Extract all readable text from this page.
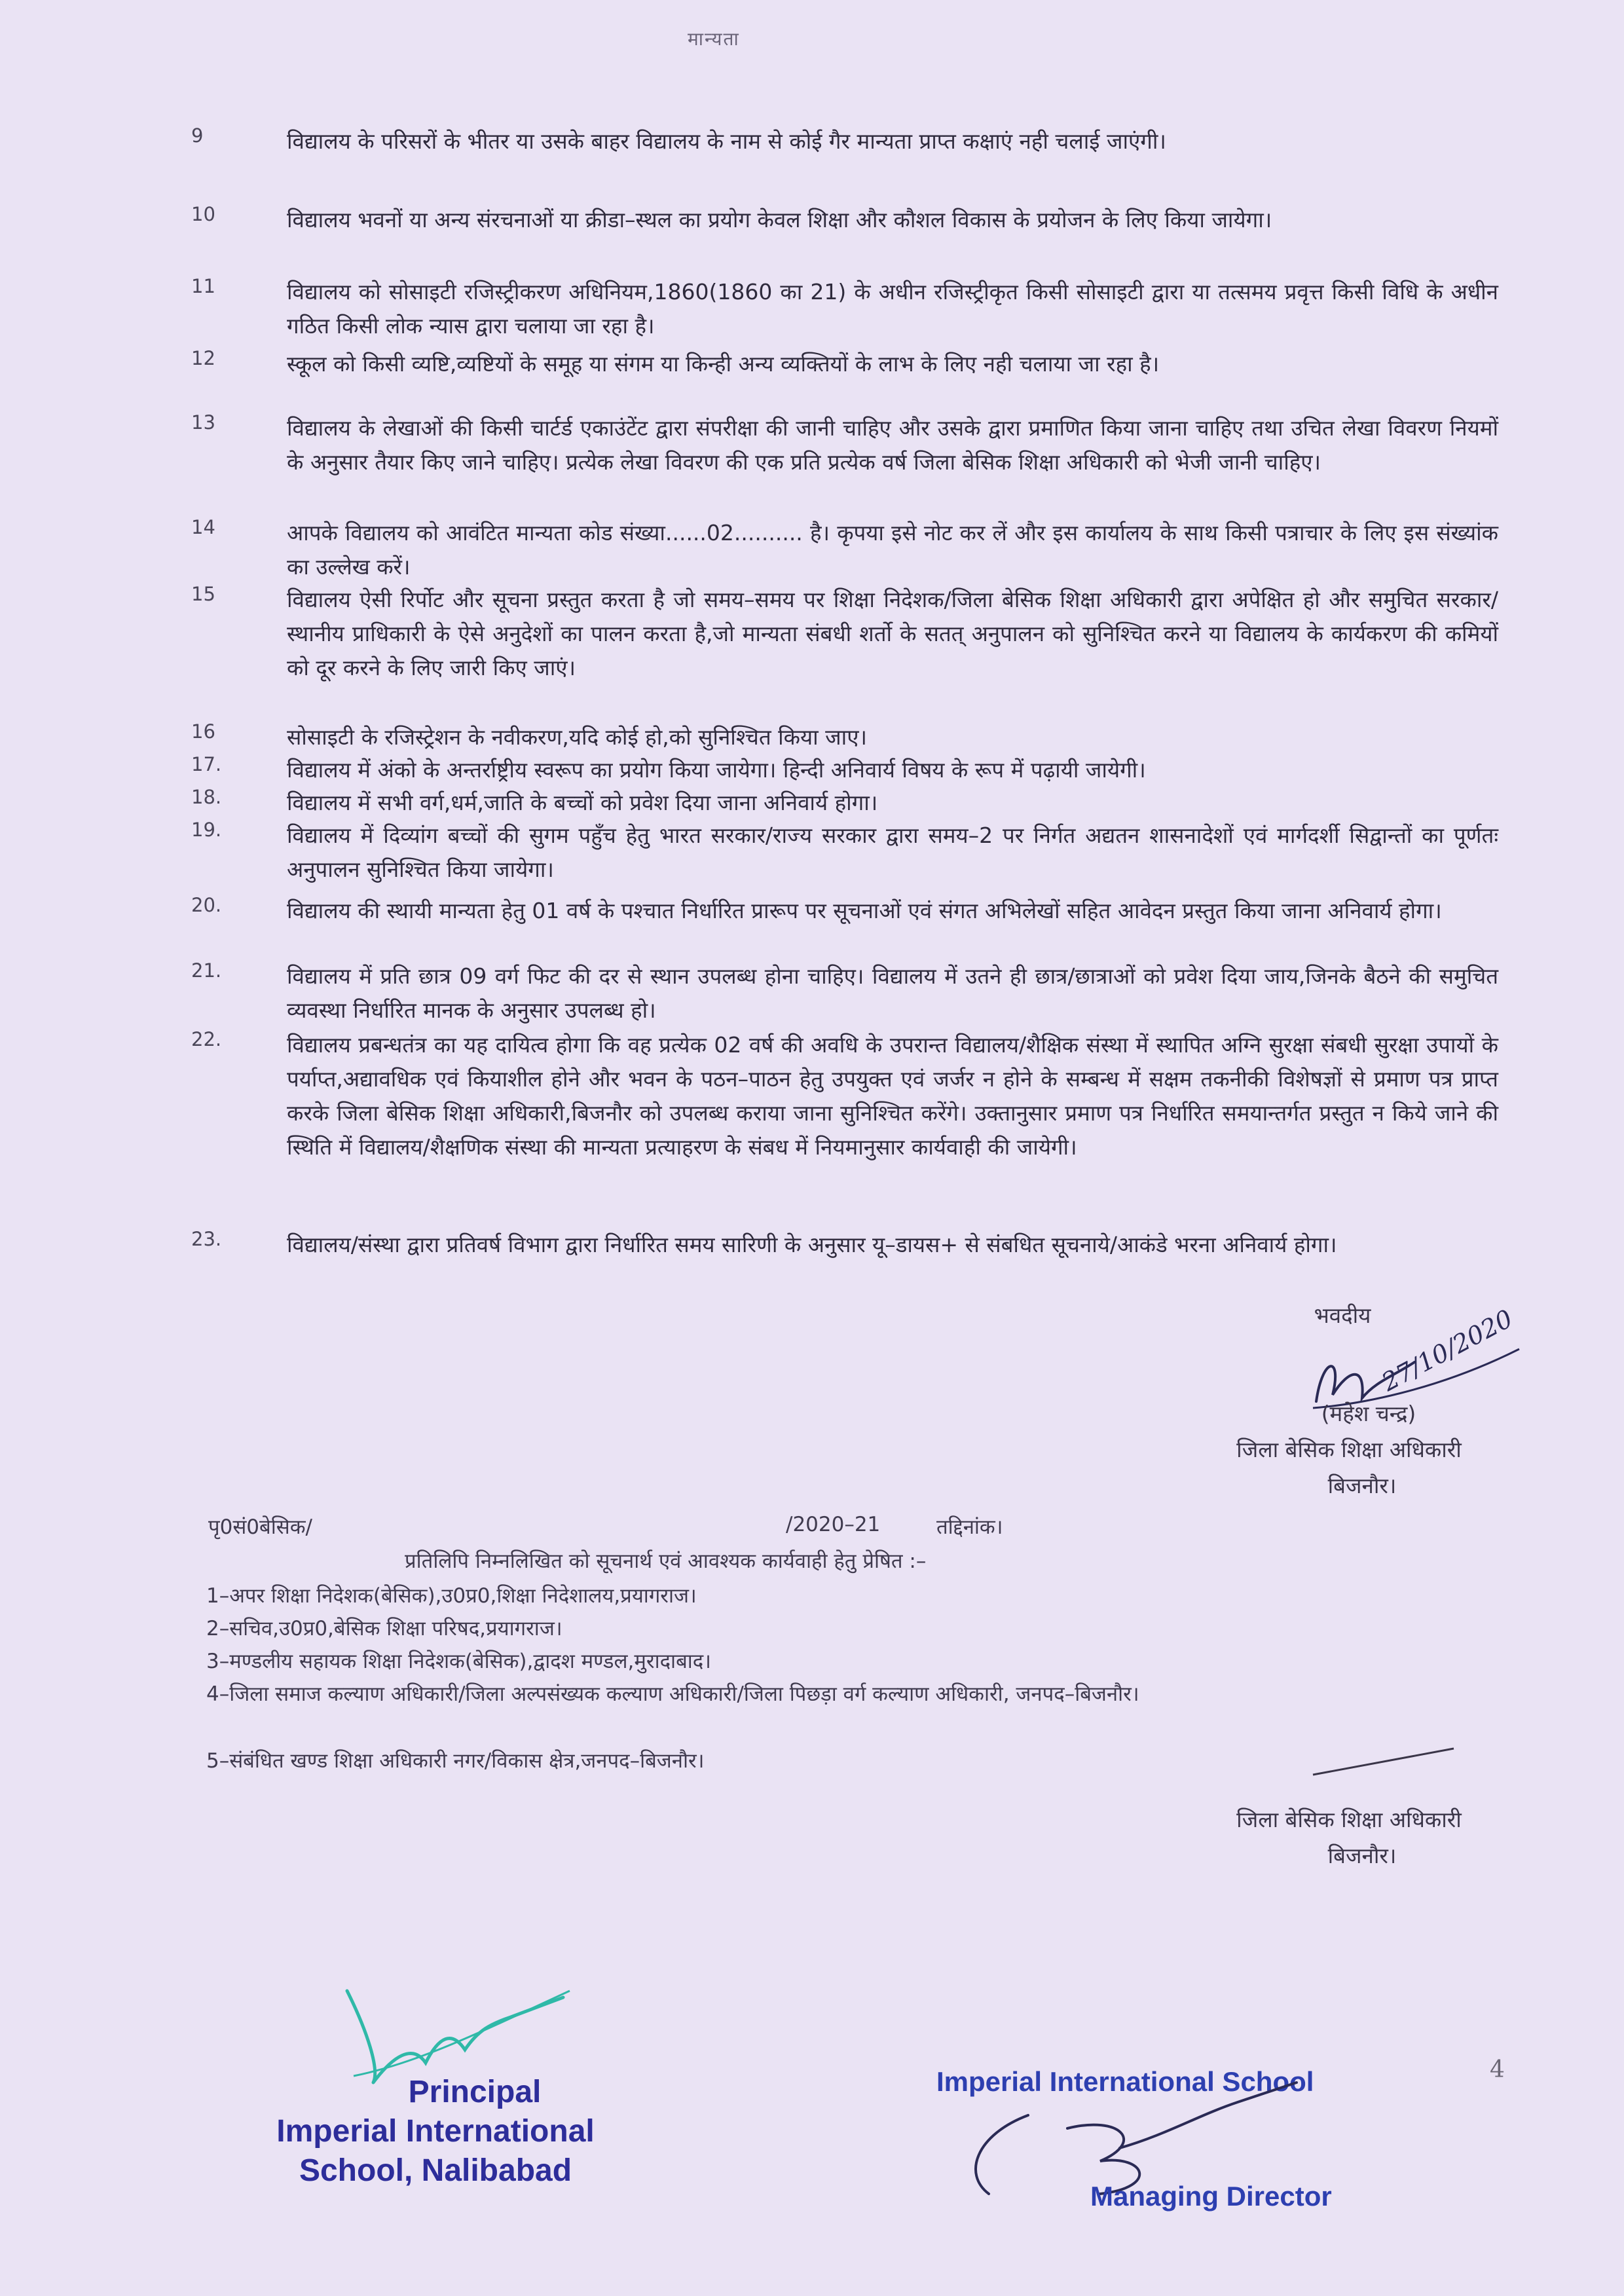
मान्यता
9	विद्यालय के परिसरों के भीतर या उसके बाहर विद्यालय के नाम से कोई गैर मान्यता प्राप्त कक्षाएं नही चलाई जाएंगी।
10	विद्यालय भवनों या अन्य संरचनाओं या क्रीडा–स्थल का प्रयोग केवल शिक्षा और कौशल विकास के प्रयोजन के लिए किया जायेगा।
11	विद्यालय को सोसाइटी रजिस्ट्रीकरण अधिनियम,1860(1860 का 21) के अधीन रजिस्ट्रीकृत किसी सोसाइटी द्वारा या तत्समय प्रवृत्त किसी विधि के अधीन गठित किसी लोक न्यास द्वारा चलाया जा रहा है।
12	स्कूल को किसी व्यष्टि,व्यष्टियों के समूह या संगम या किन्ही अन्य व्यक्तियों के लाभ के लिए नही चलाया जा रहा है।
13	विद्यालय के लेखाओं की किसी चार्टर्ड एकाउंटेंट द्वारा संपरीक्षा की जानी चाहिए और उसके द्वारा प्रमाणित किया जाना चाहिए तथा उचित लेखा विवरण नियमों के अनुसार तैयार किए जाने चाहिए। प्रत्येक लेखा विवरण की एक प्रति प्रत्येक वर्ष जिला बेसिक शिक्षा अधिकारी को भेजी जानी चाहिए।
14	आपके विद्यालय को आवंटित मान्यता कोड संख्या......02.......... है। कृपया इसे नोट कर लें और इस कार्यालय के साथ किसी पत्राचार के लिए इस संख्यांक का उल्लेख करें।
15	विद्यालय ऐसी रिर्पोट और सूचना प्रस्तुत करता है जो समय–समय पर शिक्षा निदेशक/जिला बेसिक शिक्षा अधिकारी द्वारा अपेक्षित हो और समुचित सरकार/स्थानीय प्राधिकारी के ऐसे अनुदेशों का पालन करता है,जो मान्यता संबधी शर्तो के सतत् अनुपालन को सुनिश्चित करने या विद्यालय के कार्यकरण की कमियों को दूर करने के लिए जारी किए जाएं।
16	सोसाइटी के रजिस्ट्रेशन के नवीकरण,यदि कोई हो,को सुनिश्चित किया जाए।
17.	विद्यालय में अंको के अन्तर्राष्ट्रीय स्वरूप का प्रयोग किया जायेगा। हिन्दी अनिवार्य विषय के रूप में पढ़ायी जायेगी।
18.	विद्यालय में सभी वर्ग,धर्म,जाति के बच्चों को प्रवेश दिया जाना अनिवार्य होगा।
19.	विद्यालय में दिव्यांग बच्चों की सुगम पहुँच हेतु भारत सरकार/राज्य सरकार द्वारा समय–2 पर निर्गत अद्यतन शासनादेशों एवं मार्गदर्शी सिद्वान्तों का पूर्णतः अनुपालन सुनिश्चित किया जायेगा।
20.	विद्यालय की स्थायी मान्यता हेतु 01 वर्ष के पश्चात निर्धारित प्रारूप पर सूचनाओं एवं संगत अभिलेखों सहित आवेदन प्रस्तुत किया जाना अनिवार्य होगा।
21.	विद्यालय में प्रति छात्र 09 वर्ग फिट की दर से स्थान उपलब्ध होना चाहिए। विद्यालय में उतने ही छात्र/छात्राओं को प्रवेश दिया जाय,जिनके बैठने की समुचित व्यवस्था निर्धारित मानक के अनुसार उपलब्ध हो।
22.	विद्यालय प्रबन्धतंत्र का यह दायित्व होगा कि वह प्रत्येक 02 वर्ष की अवधि के उपरान्त विद्यालय/शैक्षिक संस्था में स्थापित अग्नि सुरक्षा संबधी सुरक्षा उपायों के पर्याप्त,अद्यावधिक एवं कियाशील होने और भवन के पठन–पाठन हेतु उपयुक्त एवं जर्जर न होने के सम्बन्ध में सक्षम तकनीकी विशेषज्ञों से प्रमाण पत्र प्राप्त करके जिला बेसिक शिक्षा अधिकारी,बिजनौर को उपलब्ध कराया जाना सुनिश्चित करेंगे। उक्तानुसार प्रमाण पत्र निर्धारित समयान्तर्गत प्रस्तुत न किये जाने की स्थिति में विद्यालय/शैक्षणिक संस्था की मान्यता प्रत्याहरण के संबध में नियमानुसार कार्यवाही की जायेगी।
23.	विद्यालय/संस्था द्वारा प्रतिवर्ष विभाग द्वारा निर्धारित समय सारिणी के अनुसार यू–डायस+ से संबधित सूचनाये/आकंडे भरना अनिवार्य होगा।
भवदीय 27/10/2020
(महेश चन्द्र)
जिला बेसिक शिक्षा अधिकारी
बिजनौर।
पृ0सं0बेसिक/	/2020–21	तद्दिनांक।
प्रतिलिपि निम्नलिखित को सूचनार्थ एवं आवश्यक कार्यवाही हेतु प्रेषित :–
1–अपर शिक्षा निदेशक(बेसिक),उ0प्र0,शिक्षा निदेशालय,प्रयागराज।
2–सचिव,उ0प्र0,बेसिक शिक्षा परिषद,प्रयागराज।
3–मण्डलीय सहायक शिक्षा निदेशक(बेसिक),द्वादश मण्डल,मुरादाबाद।
4–जिला समाज कल्याण अधिकारी/जिला अल्पसंख्यक कल्याण अधिकारी/जिला पिछड़ा वर्ग कल्याण अधिकारी, जनपद–बिजनौर।
5–संबंधित खण्ड शिक्षा अधिकारी नगर/विकास क्षेत्र,जनपद–बिजनौर।
जिला बेसिक शिक्षा अधिकारी
बिजनौर।
Principal
Imperial International
School, Nalibabad
Imperial International School
Managing Director
4
